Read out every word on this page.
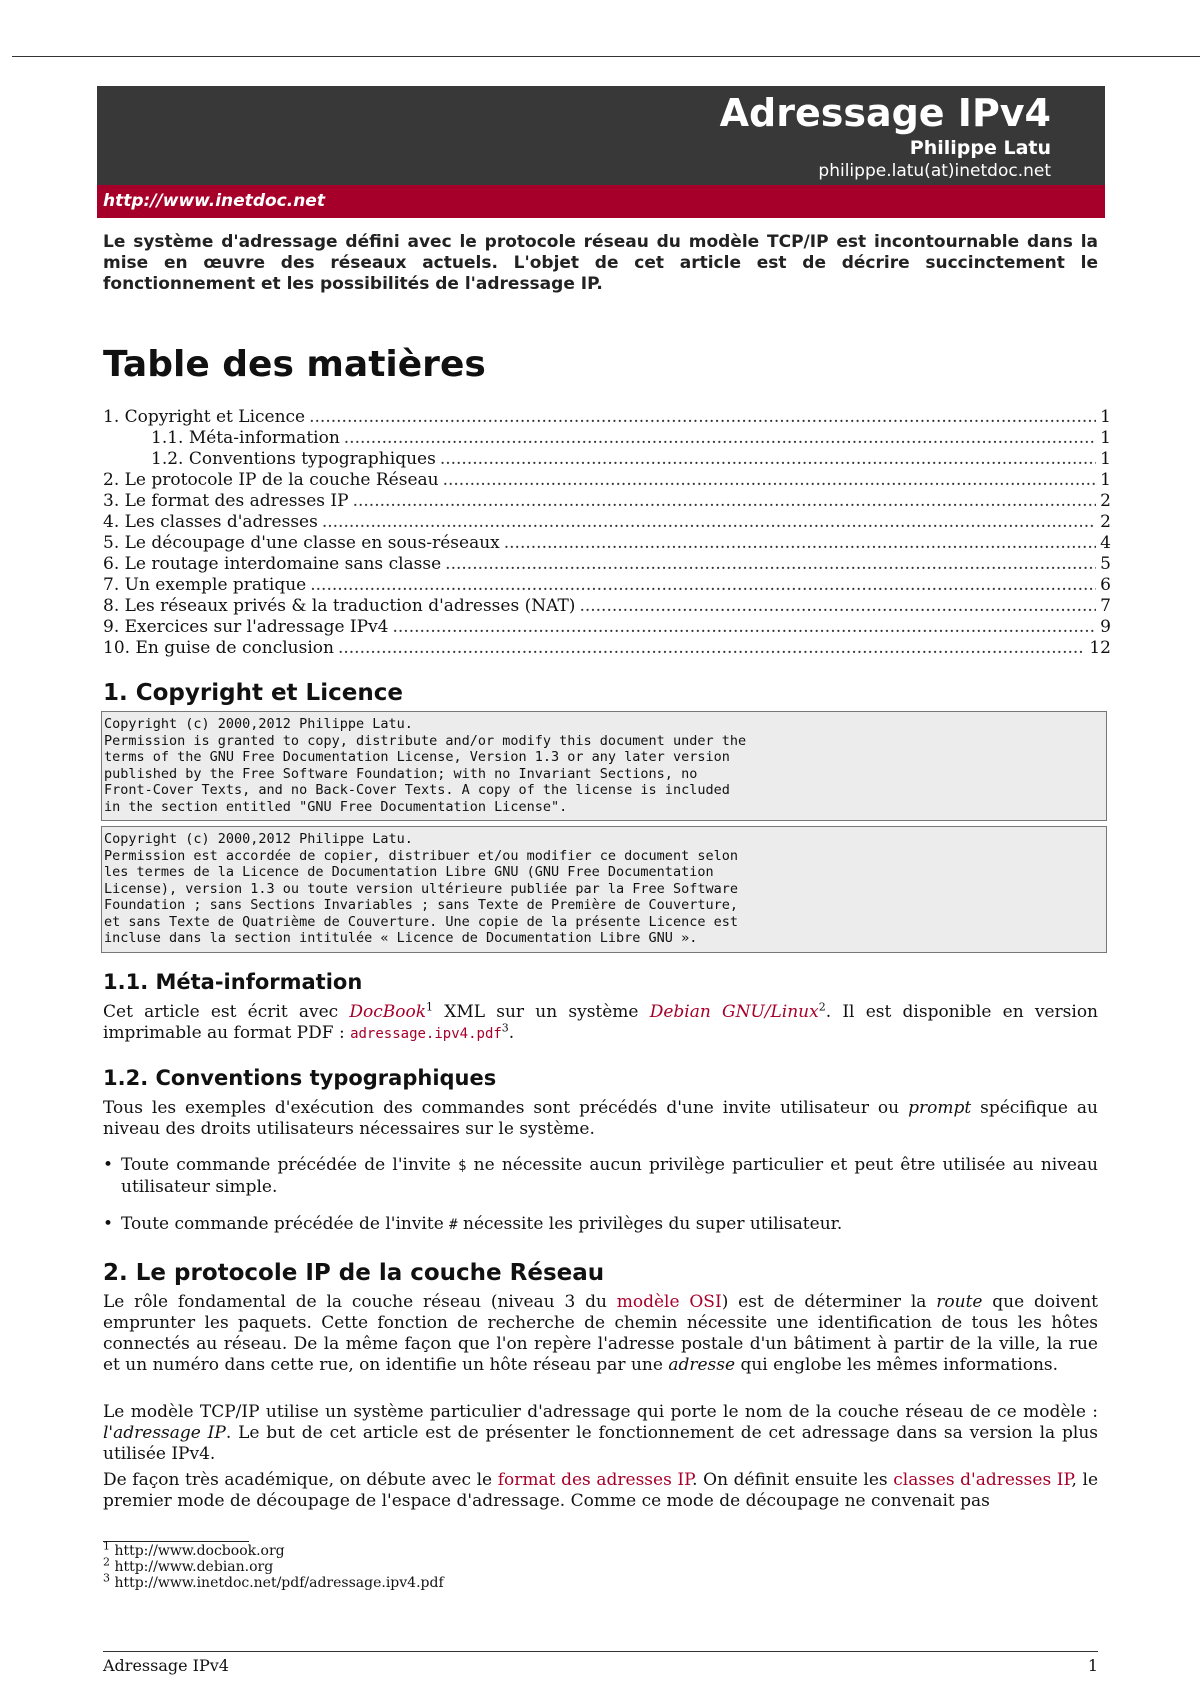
Adressage IPv4
Philippe Latu
philippe.latu(at)inetdoc.net
http://www.inetdoc.net
Le système d'adressage défini avec le protocole réseau du modèle TCP/IP est incontournable dans la mise en œuvre des réseaux actuels. L'objet de cet article est de décrire succinctement le fonctionnement et les possibilités de l'adressage IP.
Table des matières
1. Copyright et Licence .....	1
1.1. Méta-information .....	1
1.2. Conventions typographiques .....	1
2. Le protocole IP de la couche Réseau .....	1
3. Le format des adresses IP .....	2
4. Les classes d'adresses .....	2
5. Le découpage d'une classe en sous-réseaux .....	4
6. Le routage interdomaine sans classe .....	5
7. Un exemple pratique .....	6
8. Les réseaux privés & la traduction d'adresses (NAT) .....	7
9. Exercices sur l'adressage IPv4 .....	9
10. En guise de conclusion .....	12
1. Copyright et Licence
Copyright (c) 2000,2012 Philippe Latu.
Permission is granted to copy, distribute and/or modify this document under the
terms of the GNU Free Documentation License, Version 1.3 or any later version
published by the Free Software Foundation; with no Invariant Sections, no
Front-Cover Texts, and no Back-Cover Texts. A copy of the license is included
in the section entitled "GNU Free Documentation License".
Copyright (c) 2000,2012 Philippe Latu.
Permission est accordée de copier, distribuer et/ou modifier ce document selon
les termes de la Licence de Documentation Libre GNU (GNU Free Documentation
License), version 1.3 ou toute version ultérieure publiée par la Free Software
Foundation ; sans Sections Invariables ; sans Texte de Première de Couverture,
et sans Texte de Quatrième de Couverture. Une copie de la présente Licence est
incluse dans la section intitulée « Licence de Documentation Libre GNU ».
1.1. Méta-information

Cet article est écrit avec DocBook$^1$ XML sur un système Debian GNU/Linux$^2$. Il est disponible en version imprimable au format PDF : adressage.ipv4.pdf$^3$.

1.2. Conventions typographiques

Tous les exemples d'exécution des commandes sont précédés d'une invite utilisateur ou prompt spécifique au niveau des droits utilisateurs nécessaires sur le système.

• Toute commande précédée de l'invite $ ne nécessite aucun privilège particulier et peut être utilisée au niveau utilisateur simple.
• Toute commande précédée de l'invite # nécessite les privilèges du super utilisateur.
2. Le protocole IP de la couche Réseau

Le rôle fondamental de la couche réseau (niveau 3 du modèle OSI) est de déterminer la route que doivent emprunter les paquets. Cette fonction de recherche de chemin nécessite une identification de tous les hôtes connectés au réseau. De la même façon que l'on repère l'adresse postale d'un bâtiment à partir de la ville, la rue et un numéro dans cette rue, on identifie un hôte réseau par une adresse qui englobe les mêmes informations.

Le modèle TCP/IP utilise un système particulier d'adressage qui porte le nom de la couche réseau de ce modèle : l'adressage IP. Le but de cet article est de présenter le fonctionnement de cet adressage dans sa version la plus utilisée IPv4.

De façon très académique, on débute avec le format des adresses IP. On définit ensuite les classes d'adresses IP, le premier mode de découpage de l'espace d'adressage. Comme ce mode de découpage ne convenait pas

$^1$ http://www.docbook.org
$^2$ http://www.debian.org
$^3$ http://www.inetdoc.net/pdf/adressage.ipv4.pdf
Adressage IPv4	1
